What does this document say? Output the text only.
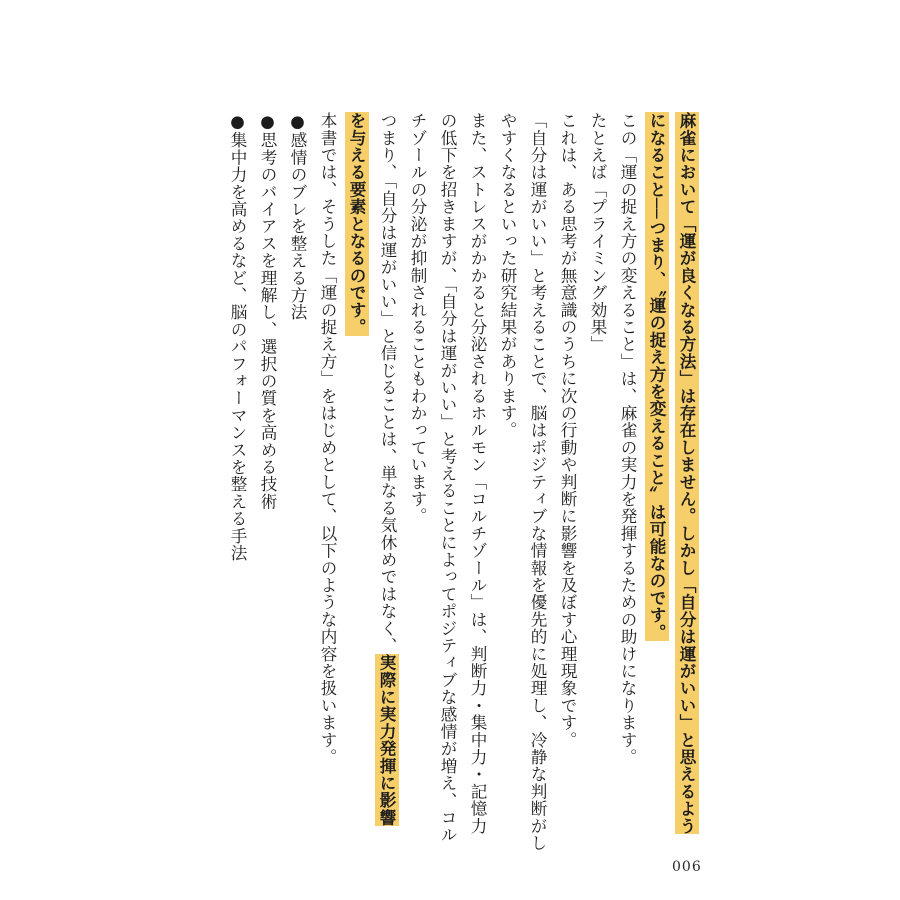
麻雀において「運が良くなる方法」は存在しません。しかし「自分は運がいい」と思えるよう
になること──つまり、〝運の捉え方を変えること〟は可能なのです。
この「運の捉え方の変えること」は、麻雀の実力を発揮するための助けになります。
たとえば「プライミング効果」
これは、ある思考が無意識のうちに次の行動や判断に影響を及ぼす心理現象です。
「自分は運がいい」と考えることで、脳はポジティブな情報を優先的に処理し、冷静な判断がし
やすくなるといった研究結果があります。
また、ストレスがかかると分泌されるホルモン「コルチゾール」は、判断力・集中力・記憶力
の低下を招きますが、「自分は運がいい」と考えることによってポジティブな感情が増え、コル
チゾールの分泌が抑制されることもわかっています。
つまり、「自分は運がいい」と信じることは、単なる気休めではなく、実際に実力発揮に影響
を与える要素となるのです。
本書では、そうした「運の捉え方」をはじめとして、以下のような内容を扱います。
●感情のブレを整える方法
●思考のバイアスを理解し、選択の質を高める技術
●集中力を高めるなど、脳のパフォーマンスを整える手法
006
